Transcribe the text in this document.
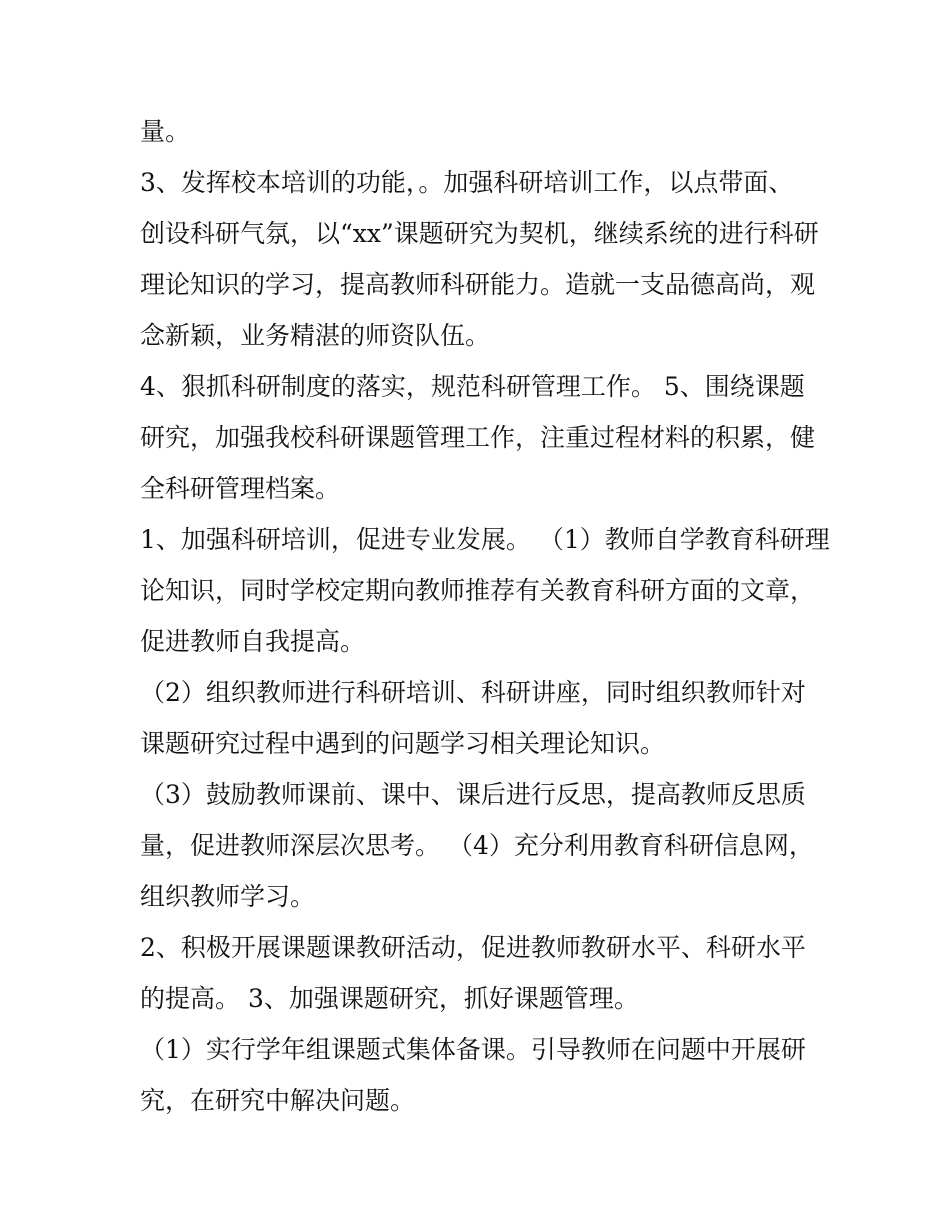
量。

3、发挥校本培训的功能，。加强科研培训工作，以点带面、
创设科研气氛，以“xx”课题研究为契机，继续系统的进行科研
理论知识的学习，提高教师科研能力。造就一支品德高尚，观
念新颖，业务精湛的师资队伍。

4、狠抓科研制度的落实，规范科研管理工作。 5、围绕课题
研究，加强我校科研课题管理工作，注重过程材料的积累，健
全科研管理档案。

1、加强科研培训，促进专业发展。 （1）教师自学教育科研理
论知识，同时学校定期向教师推荐有关教育科研方面的文章，
促进教师自我提高。

（2）组织教师进行科研培训、科研讲座，同时组织教师针对
课题研究过程中遇到的问题学习相关理论知识。

（3）鼓励教师课前、课中、课后进行反思，提高教师反思质
量，促进教师深层次思考。 （4）充分利用教育科研信息网，
组织教师学习。

2、积极开展课题课教研活动，促进教师教研水平、科研水平
的提高。 3、加强课题研究，抓好课题管理。

（1）实行学年组课题式集体备课。引导教师在问题中开展研
究，在研究中解决问题。
